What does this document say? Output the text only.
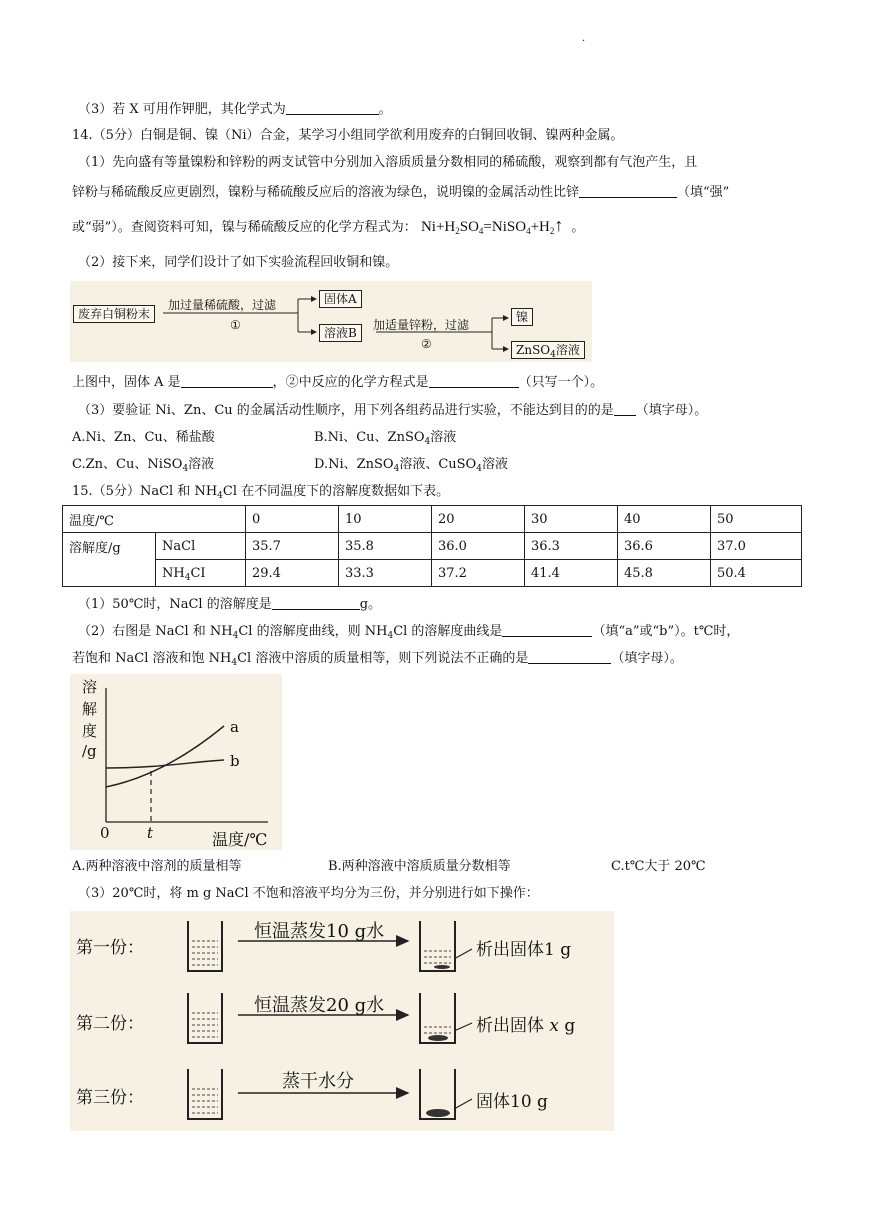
·
（3）若 X 可用作钾肥，其化学式为	。
14.（5分）白铜是铜、镍（Ni）合金，某学习小组同学欲利用废弃的白铜回收铜、镍两种金属。
（1）先向盛有等量镍粉和锌粉的两支试管中分别加入溶质质量分数相同的稀硫酸，观察到都有气泡产生，且
锌粉与稀硫酸反应更剧烈，镍粉与稀硫酸反应后的溶液为绿色，说明镍的金属活动性比锌	（填“强”
或“弱”）。查阅资料可知，镍与稀硫酸反应的化学方程式为： $Ni+H_2SO_4=NiSO_4+H_2↑$ 。
（2）接下来，同学们设计了如下实验流程回收铜和镍。
废弃白铜粉末
加过量稀硫酸，过滤
①
固体A
溶液B
加适量锌粉，过滤
②
镍
ZnSO$_4$溶液
上图中，固体 A 是	，②中反应的化学方程式是	（只写一个）。
（3）要验证 Ni、Zn、Cu 的金属活动性顺序，用下列各组药品进行实验，不能达到目的的是 （填字母）。
A.Ni、Zn、Cu、稀盐酸	B.Ni、Cu、ZnSO$_4$溶液
C.Zn、Cu、NiSO$_4$溶液	D.Ni、ZnSO$_4$溶液、CuSO$_4$溶液
15.（5分）NaCl 和 $NH_4Cl$ 在不同温度下的溶解度数据如下表。
温度/℃		0	10	20	30	40	50
溶解度/g	NaCl	35.7	35.8	36.0	36.3	36.6	37.0
	$NH_4CI$	29.4	33.3	37.2	41.4	45.8	50.4
（1）50℃时，NaCl 的溶解度是	g。
（2）右图是 NaCl 和 $NH_4Cl$ 的溶解度曲线，则 $NH_4Cl$ 的溶解度曲线是	（填“a”或“b”）。t℃时，
若饱和 NaCl 溶液和饱 $NH_4Cl$ 溶液中溶质的质量相等，则下列说法不正确的是	（填字母）。
溶
解
度
/g
a
b
0 t	温度/℃
A.两种溶液中溶剂的质量相等	B.两种溶液中溶质质量分数相等	C.t℃大于 20℃
（3）20℃时，将 m g NaCl 不饱和溶液平均分为三份，并分别进行如下操作：
第一份：
恒温蒸发10 g水
析出固体1 g
第二份：
恒温蒸发20 g水
析出固体 x g
第三份：
蒸干水分
固体10 g
